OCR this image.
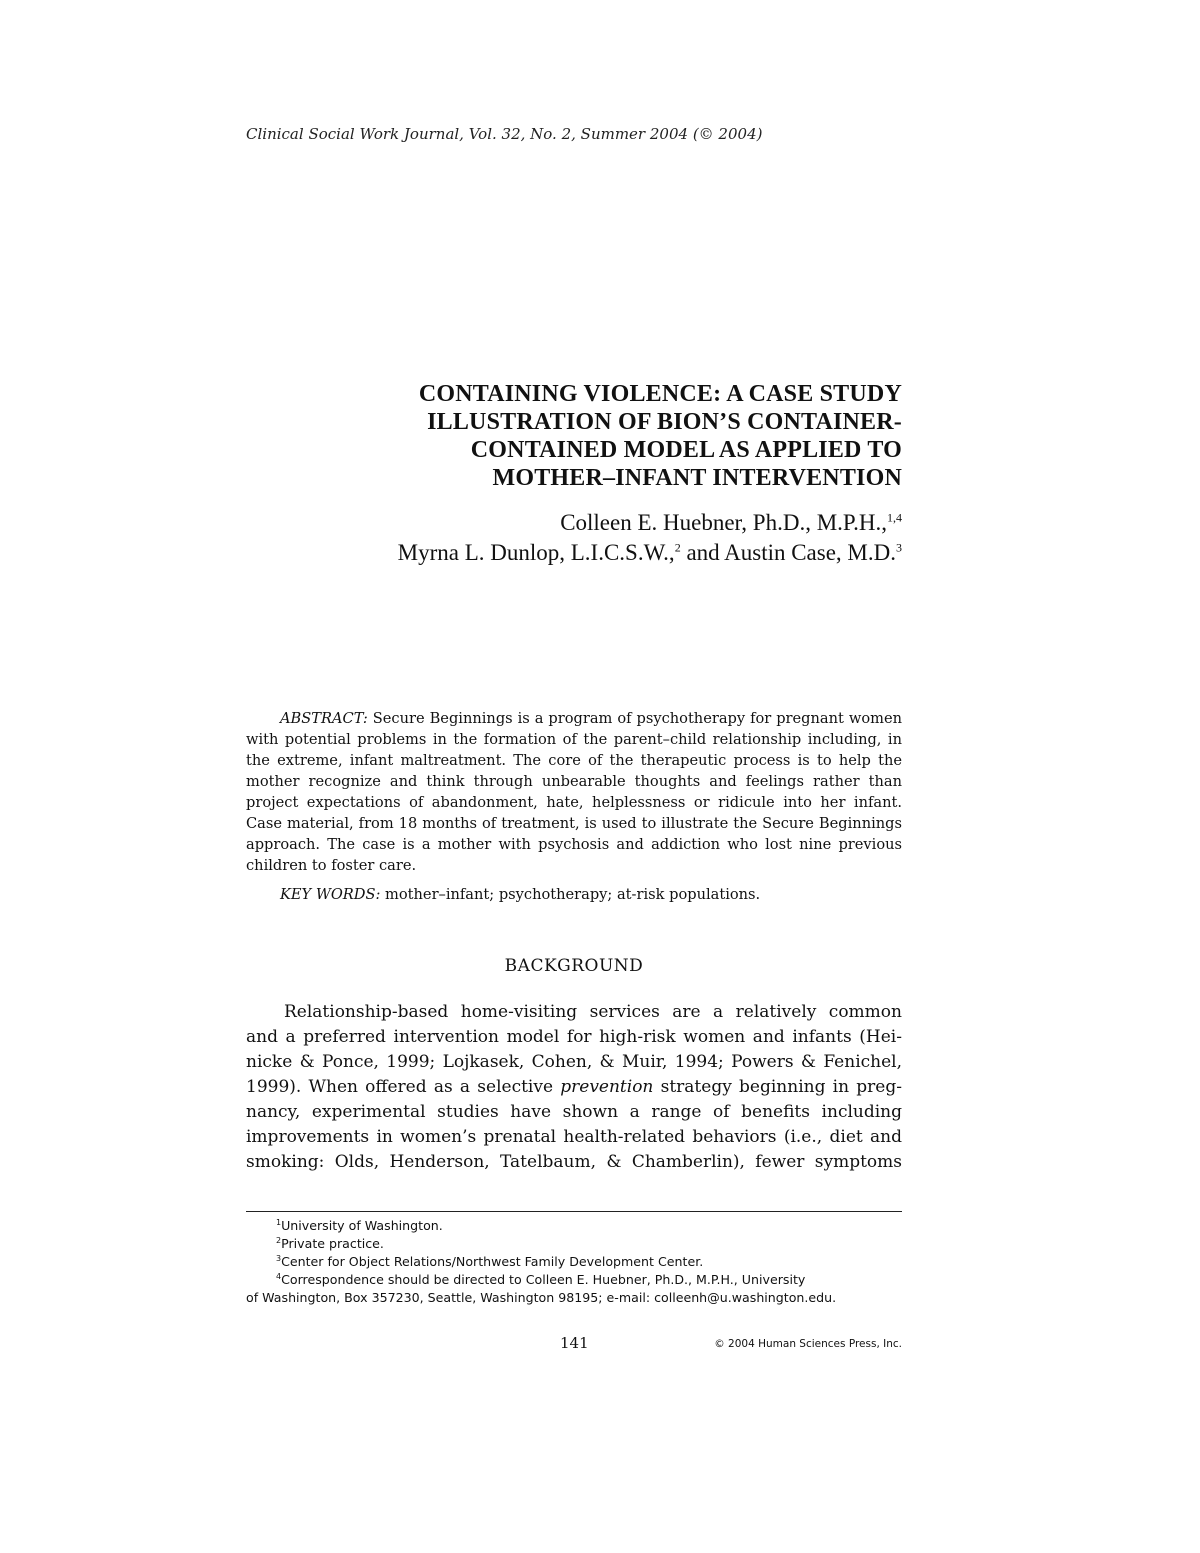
Clinical Social Work Journal, Vol. 32, No. 2, Summer 2004 (© 2004)
CONTAINING VIOLENCE: A CASE STUDY
ILLUSTRATION OF BION’S CONTAINER-
CONTAINED MODEL AS APPLIED TO
MOTHER–INFANT INTERVENTION
Colleen E. Huebner, Ph.D., M.P.H.,$^{1,4}$
Myrna L. Dunlop, L.I.C.S.W.,$^2$ and Austin Case, M.D.$^3$
ABSTRACT: Secure Beginnings is a program of psychotherapy for pregnant women with potential problems in the formation of the parent–child relationship including, in the extreme, infant maltreatment. The core of the therapeutic process is to help the mother recognize and think through unbearable thoughts and feelings rather than project expectations of abandonment, hate, helplessness or ridicule into her infant. Case material, from 18 months of treatment, is used to illustrate the Secure Beginnings approach. The case is a mother with psychosis and addiction who lost nine previous children to foster care.
KEY WORDS: mother–infant; psychotherapy; at-risk populations.
BACKGROUND
Relationship-based home-visiting services are a relatively common
and a preferred intervention model for high-risk women and infants (Hei-
nicke & Ponce, 1999; Lojkasek, Cohen, & Muir, 1994; Powers & Fenichel,
1999). When offered as a selective prevention strategy beginning in preg-
nancy, experimental studies have shown a range of benefits including
improvements in women’s prenatal health-related behaviors (i.e., diet and
smoking: Olds, Henderson, Tatelbaum, & Chamberlin), fewer symptoms
$^1$University of Washington.
$^2$Private practice.
$^3$Center for Object Relations/Northwest Family Development Center.
$^4$Correspondence should be directed to Colleen E. Huebner, Ph.D., M.P.H., University
of Washington, Box 357230, Seattle, Washington 98195; e-mail: colleenh@u.washington.edu.
141	© 2004 Human Sciences Press, Inc.
